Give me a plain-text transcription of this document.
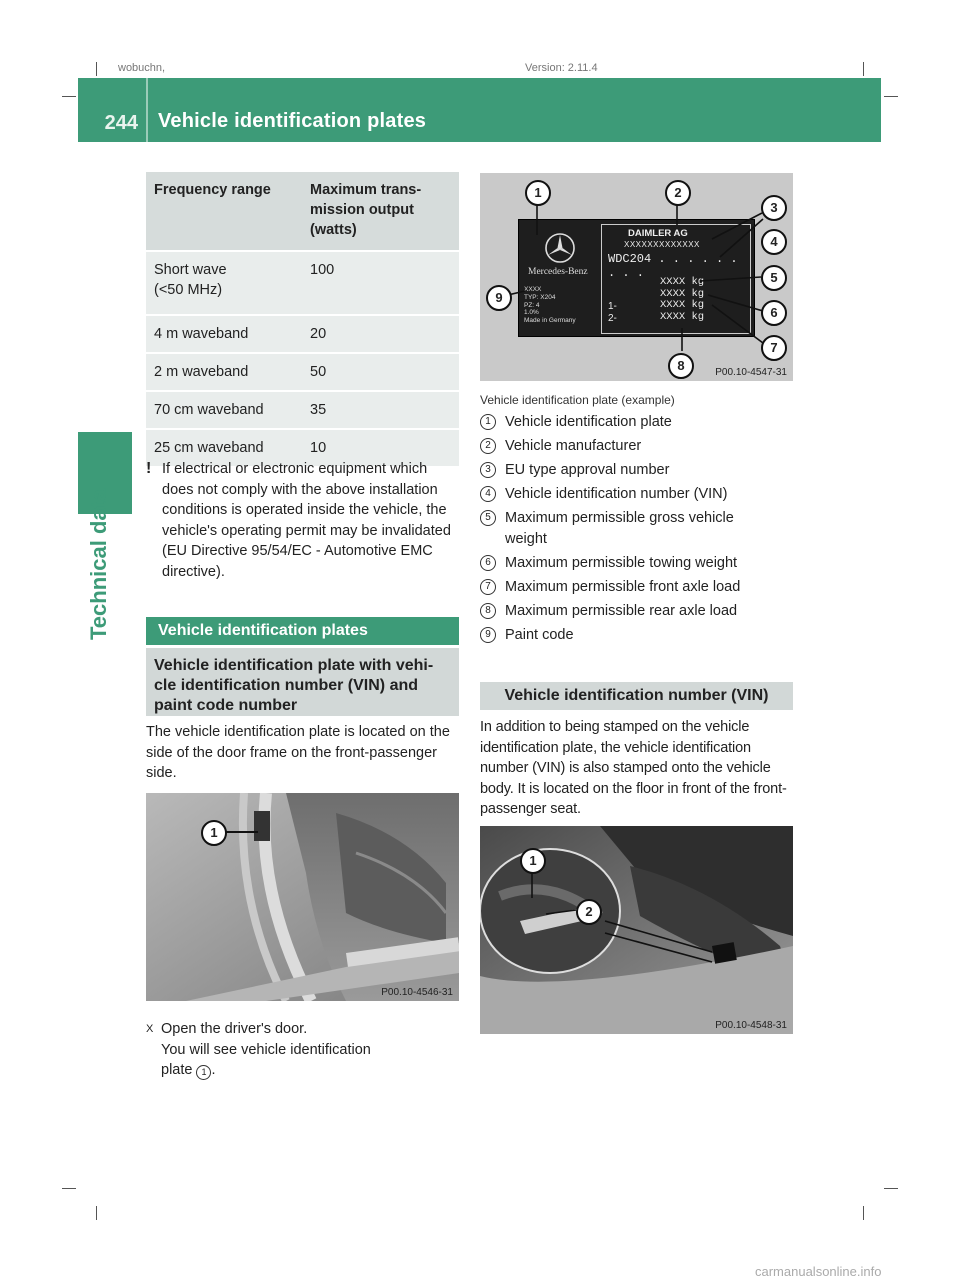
wobuchn,	Version: 2.11.4
244	Vehicle identification plates
Technical data
Frequency range	Maximum trans-
mission output
(watts)
Short wave
(<50 MHz)	100
4 m waveband	20
2 m waveband	50
70 cm waveband	35
25 cm waveband	10
! If electrical or electronic equipment which does not comply with the above installation conditions is operated inside the vehicle, the vehicle's operating permit may be invalidated (EU Directive 95/54/EC - Automotive EMC directive).
Vehicle identification plates
Vehicle identification plate with vehi-
cle identification number (VIN) and
paint code number
The vehicle identification plate is located on the side of the door frame on the front-passenger side.
1
P00.10-4546-31
X Open the driver's door.
You will see vehicle identification
plate 1 .
Mercedes-Benz
DAIMLER AG
XXXXXXXXXXXXX
WDC204 . . . . . . . . .
XXXX kg
XXXX kg
XXXX kg
XXXX kg
1-
2-
XXXX
TYP: X204
PZ: 4
1.0%
Made in Germany
1	2
3
4
5
6
7
8
9
P00.10-4547-31
Vehicle identification plate (example)
1 Vehicle identification plate
2 Vehicle manufacturer
3 EU type approval number
4 Vehicle identification number (VIN)
5 Maximum permissible gross vehicle weight
6 Maximum permissible towing weight
7 Maximum permissible front axle load
8 Maximum permissible rear axle load
9 Paint code
Vehicle identification number (VIN)
In addition to being stamped on the vehicle identification plate, the vehicle identification number (VIN) is also stamped onto the vehicle body. It is located on the floor in front of the front-passenger seat.
1
2
P00.10-4548-31
carmanualsonline.info
